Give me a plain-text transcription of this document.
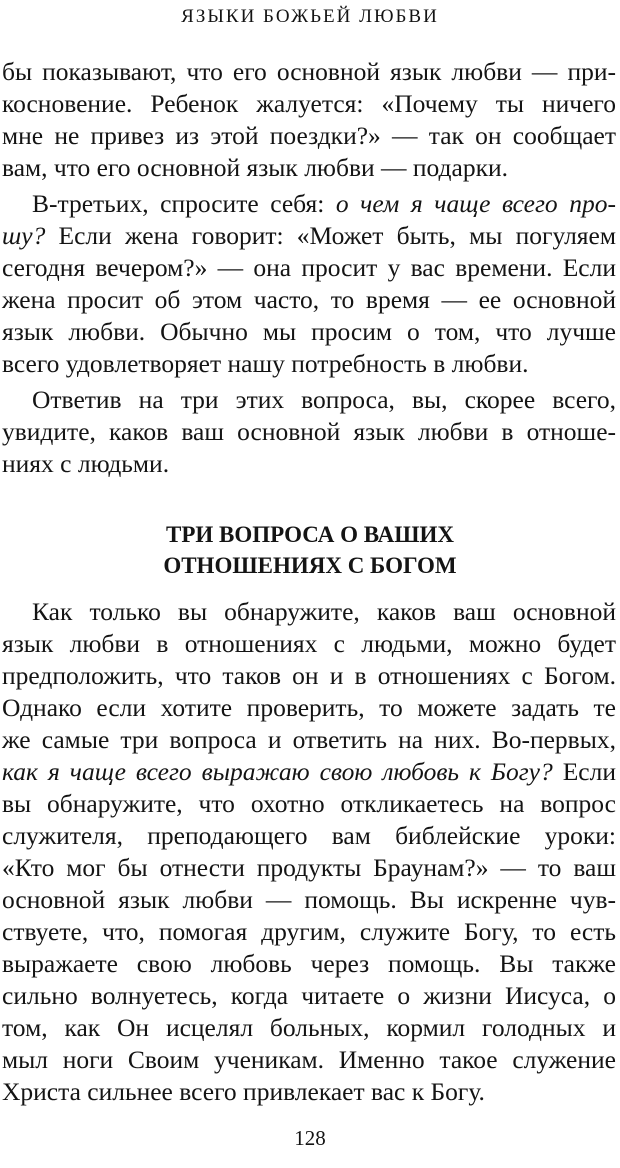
ЯЗЫКИ БОЖЬЕЙ ЛЮБВИ
бы показывают, что его основной язык любви — при-
косновение. Ребенок жалуется: «Почему ты ничего
мне не привез из этой поездки?» — так он сообщает
вам, что его основной язык любви — подарки.
В-третьих, спросите себя: о чем я чаще всего про-
шу? Если жена говорит: «Может быть, мы погуляем
сегодня вечером?» — она просит у вас времени. Если
жена просит об этом часто, то время — ее основной
язык любви. Обычно мы просим о том, что лучше
всего удовлетворяет нашу потребность в любви.
Ответив на три этих вопроса, вы, скорее всего,
увидите, каков ваш основной язык любви в отноше-
ниях с людьми.
ТРИ ВОПРОСА О ВАШИХ
ОТНОШЕНИЯХ С БОГОМ
Как только вы обнаружите, каков ваш основной
язык любви в отношениях с людьми, можно будет
предположить, что таков он и в отношениях с Богом.
Однако если хотите проверить, то можете задать те
же самые три вопроса и ответить на них. Во-первых,
как я чаще всего выражаю свою любовь к Богу? Если
вы обнаружите, что охотно откликаетесь на вопрос
служителя, преподающего вам библейские уроки:
«Кто мог бы отнести продукты Браунам?» — то ваш
основной язык любви — помощь. Вы искренне чув-
ствуете, что, помогая другим, служите Богу, то есть
выражаете свою любовь через помощь. Вы также
сильно волнуетесь, когда читаете о жизни Иисуса, о
том, как Он исцелял больных, кормил голодных и
мыл ноги Своим ученикам. Именно такое служение
Христа сильнее всего привлекает вас к Богу.
128
